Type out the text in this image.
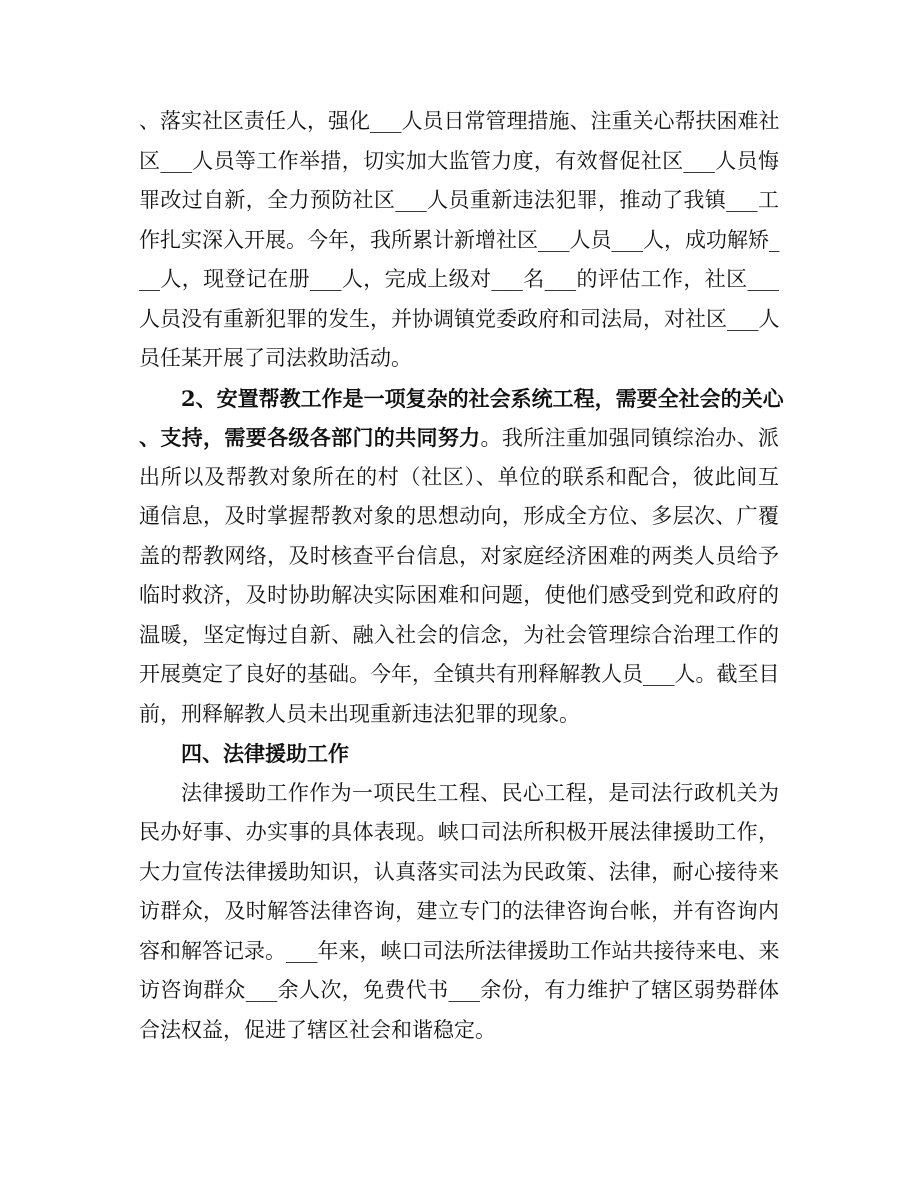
、落实社区责任人，强化___人员日常管理措施、注重关心帮扶困难社
区___人员等工作举措，切实加大监管力度，有效督促社区___人员悔
罪改过自新，全力预防社区___人员重新违法犯罪，推动了我镇___工
作扎实深入开展。今年，我所累计新增社区___人员___人，成功解矫_
__人，现登记在册___人，完成上级对___名___的评估工作，社区___
人员没有重新犯罪的发生，并协调镇党委政府和司法局，对社区___人
员任某开展了司法救助活动。
2、安置帮教工作是一项复杂的社会系统工程，需要全社会的关心
、支持，需要各级各部门的共同努力。我所注重加强同镇综治办、派
出所以及帮教对象所在的村（社区）、单位的联系和配合，彼此间互
通信息，及时掌握帮教对象的思想动向，形成全方位、多层次、广覆
盖的帮教网络，及时核查平台信息，对家庭经济困难的两类人员给予
临时救济，及时协助解决实际困难和问题，使他们感受到党和政府的
温暖，坚定悔过自新、融入社会的信念，为社会管理综合治理工作的
开展奠定了良好的基础。今年，全镇共有刑释解教人员___人。截至目
前，刑释解教人员未出现重新违法犯罪的现象。
四、法律援助工作
法律援助工作作为一项民生工程、民心工程，是司法行政机关为
民办好事、办实事的具体表现。峡口司法所积极开展法律援助工作，
大力宣传法律援助知识，认真落实司法为民政策、法律，耐心接待来
访群众，及时解答法律咨询，建立专门的法律咨询台帐，并有咨询内
容和解答记录。___年来，峡口司法所法律援助工作站共接待来电、来
访咨询群众___余人次，免费代书___余份，有力维护了辖区弱势群体
合法权益，促进了辖区社会和谐稳定。
